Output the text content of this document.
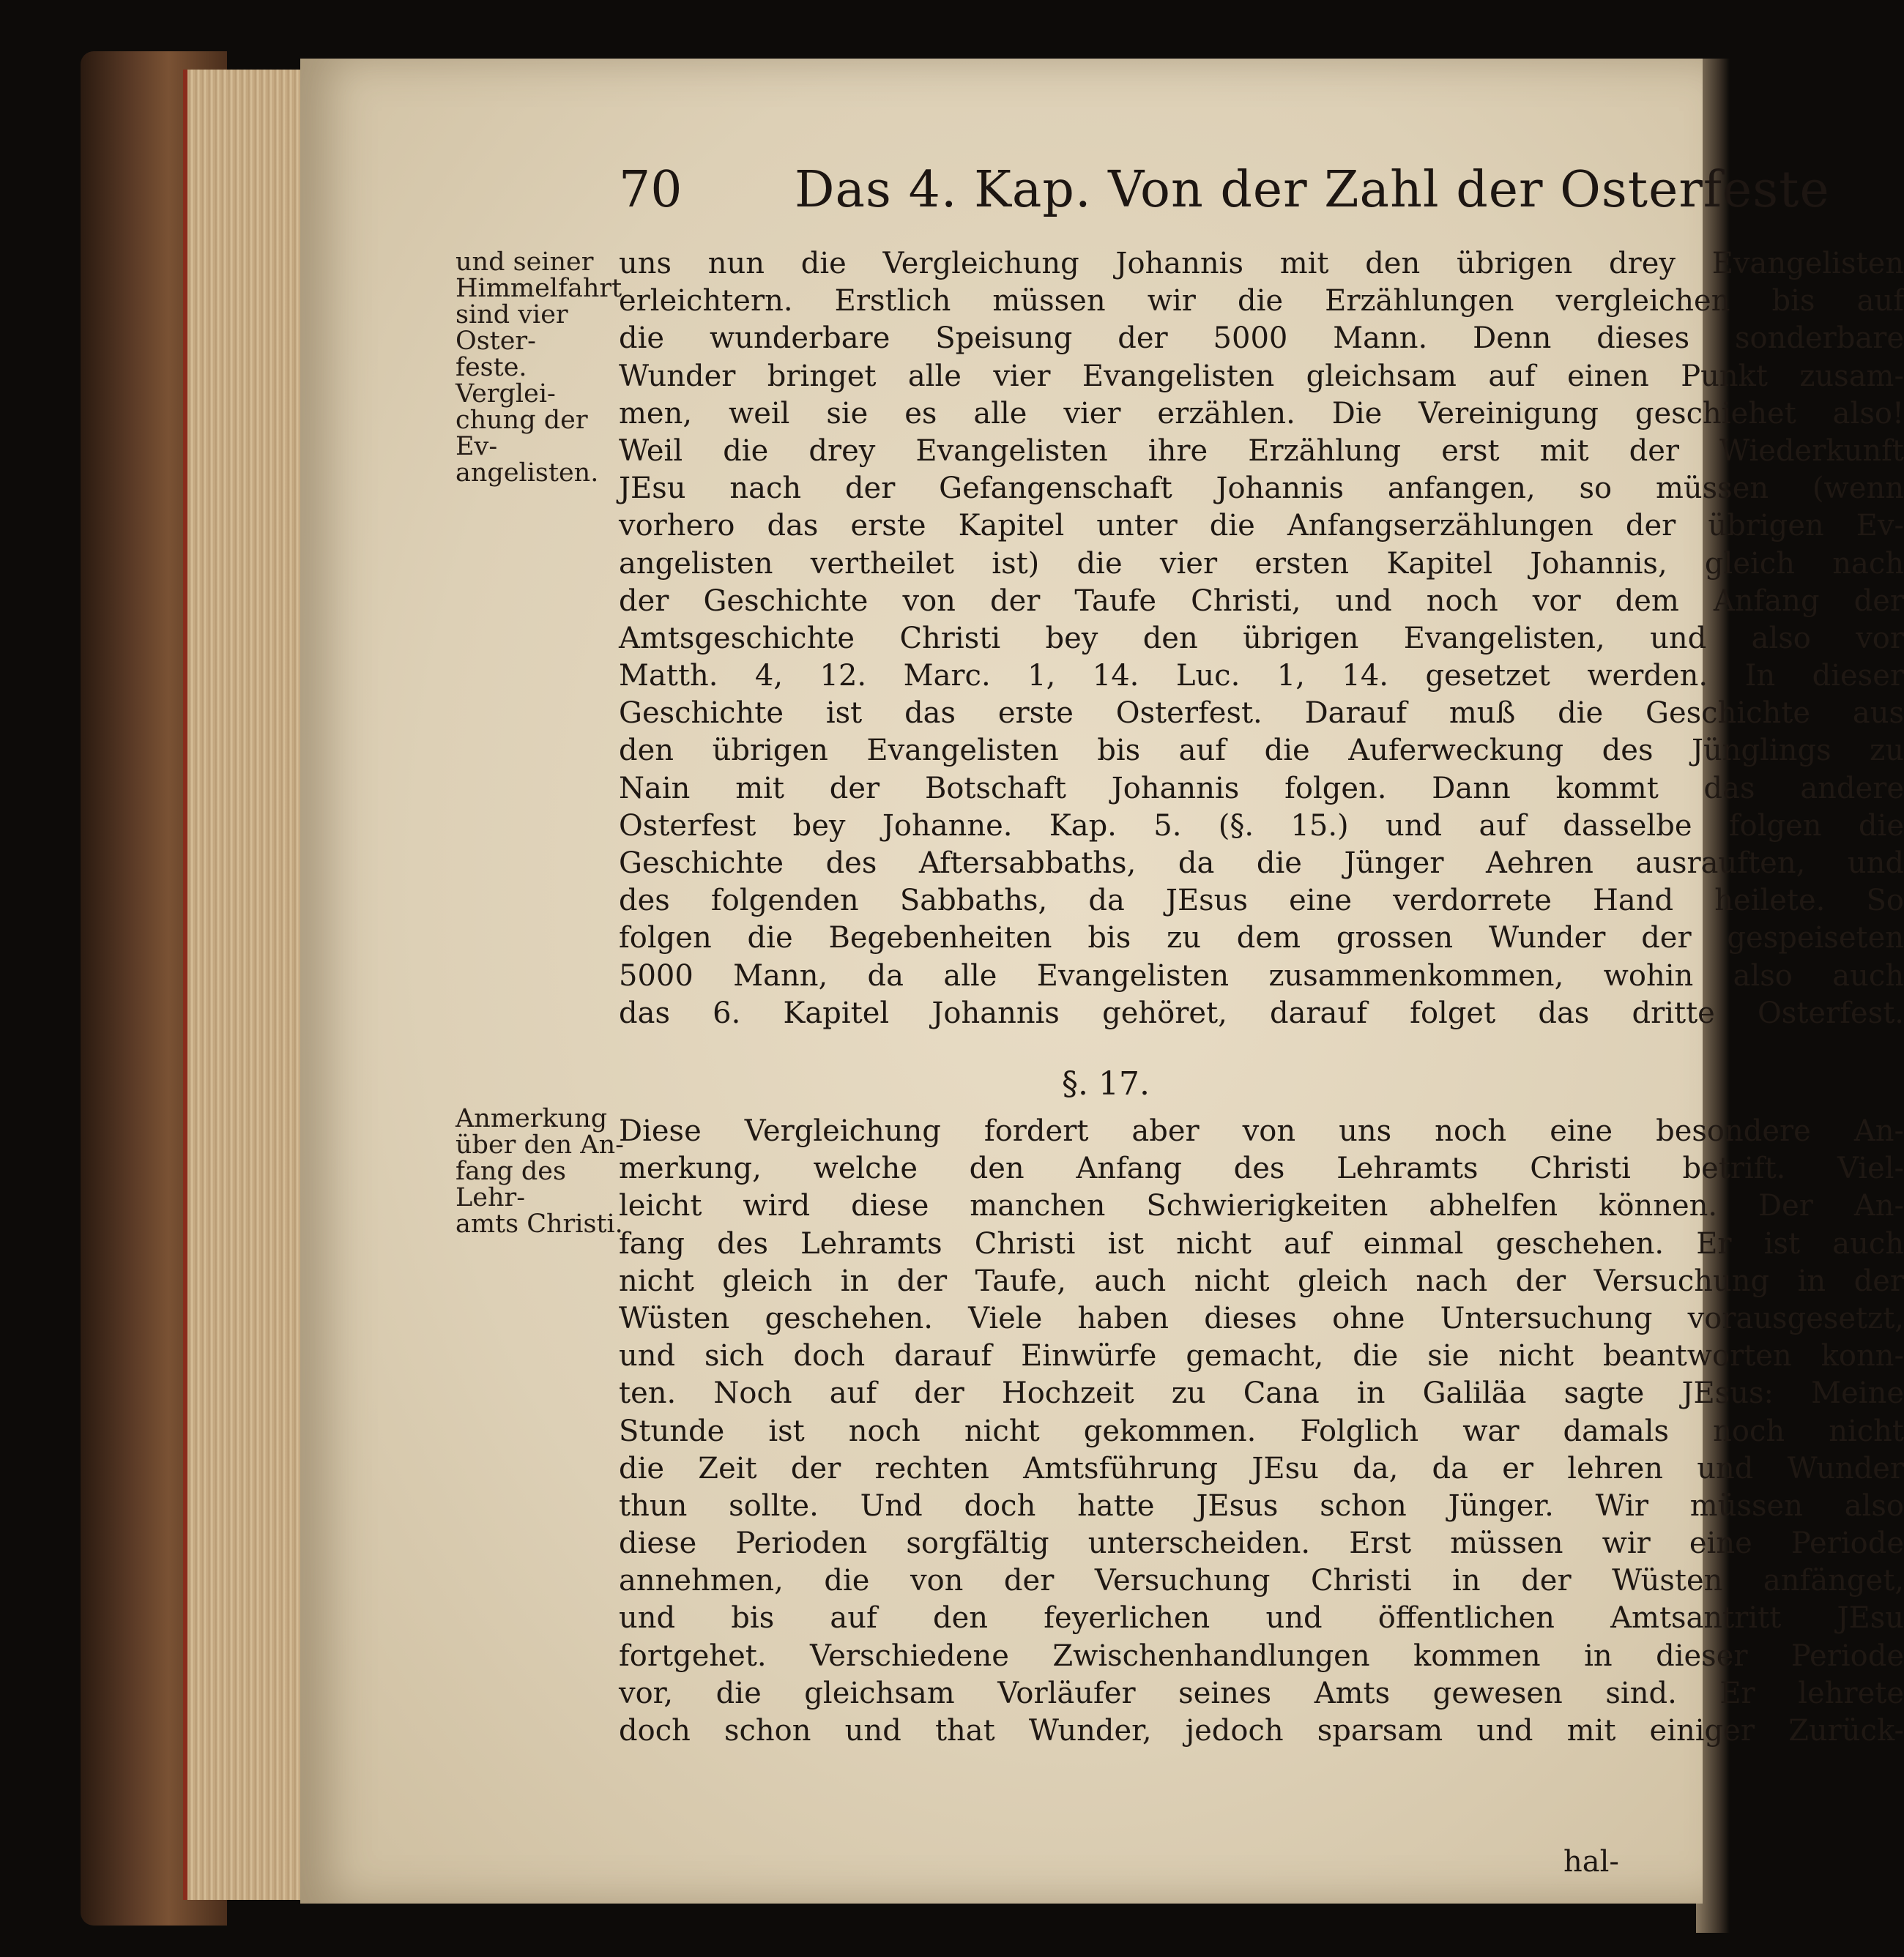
70 Das 4. Kap. Von der Zahl der Osterfeste
und seiner
Himmelfahrt
sind vier Oster-
feste. Verglei-
chung der Ev-
angelisten.
Anmerkung
über den An-
fang des Lehr-
amts Christi.
uns nun die Vergleichung Johannis mit den übrigen drey Evangelisten
erleichtern. Erstlich müssen wir die Erzählungen vergleichen bis auf
die wunderbare Speisung der 5000 Mann. Denn dieses sonderbare
Wunder bringet alle vier Evangelisten gleichsam auf einen Punkt zusam-
men, weil sie es alle vier erzählen. Die Vereinigung geschiehet also!
Weil die drey Evangelisten ihre Erzählung erst mit der Wiederkunft
JEsu nach der Gefangenschaft Johannis anfangen, so müssen (wenn
vorhero das erste Kapitel unter die Anfangserzählungen der übrigen Ev-
angelisten vertheilet ist) die vier ersten Kapitel Johannis, gleich nach
der Geschichte von der Taufe Christi, und noch vor dem Anfang der
Amtsgeschichte Christi bey den übrigen Evangelisten, und also vor
Matth. 4, 12. Marc. 1, 14. Luc. 1, 14. gesetzet werden. In dieser
Geschichte ist das erste Osterfest. Darauf muß die Geschichte aus
den übrigen Evangelisten bis auf die Auferweckung des Jünglings zu
Nain mit der Botschaft Johannis folgen. Dann kommt das andere
Osterfest bey Johanne. Kap. 5. (§. 15.) und auf dasselbe folgen die
Geschichte des Aftersabbaths, da die Jünger Aehren ausrauften, und
des folgenden Sabbaths, da JEsus eine verdorrete Hand heilete. So
folgen die Begebenheiten bis zu dem grossen Wunder der gespeiseten
5000 Mann, da alle Evangelisten zusammenkommen, wohin also auch
das 6. Kapitel Johannis gehöret, darauf folget das dritte Osterfest.
§. 17.
Diese Vergleichung fordert aber von uns noch eine besondere An-
merkung, welche den Anfang des Lehramts Christi betrift. Viel-
leicht wird diese manchen Schwierigkeiten abhelfen können. Der An-
fang des Lehramts Christi ist nicht auf einmal geschehen. Er ist auch
nicht gleich in der Taufe, auch nicht gleich nach der Versuchung in der
Wüsten geschehen. Viele haben dieses ohne Untersuchung vorausgesetzt,
und sich doch darauf Einwürfe gemacht, die sie nicht beantworten konn-
ten. Noch auf der Hochzeit zu Cana in Galiläa sagte JEsus: Meine
Stunde ist noch nicht gekommen. Folglich war damals noch nicht
die Zeit der rechten Amtsführung JEsu da, da er lehren und Wunder
thun sollte. Und doch hatte JEsus schon Jünger. Wir müssen also
diese Perioden sorgfältig unterscheiden. Erst müssen wir eine Periode
annehmen, die von der Versuchung Christi in der Wüsten anfänget,
und bis auf den feyerlichen und öffentlichen Amtsantritt JEsu
fortgehet. Verschiedene Zwischenhandlungen kommen in dieser Periode
vor, die gleichsam Vorläufer seines Amts gewesen sind. Er lehrete
doch schon und that Wunder, jedoch sparsam und mit einiger Zurück-
hal-
